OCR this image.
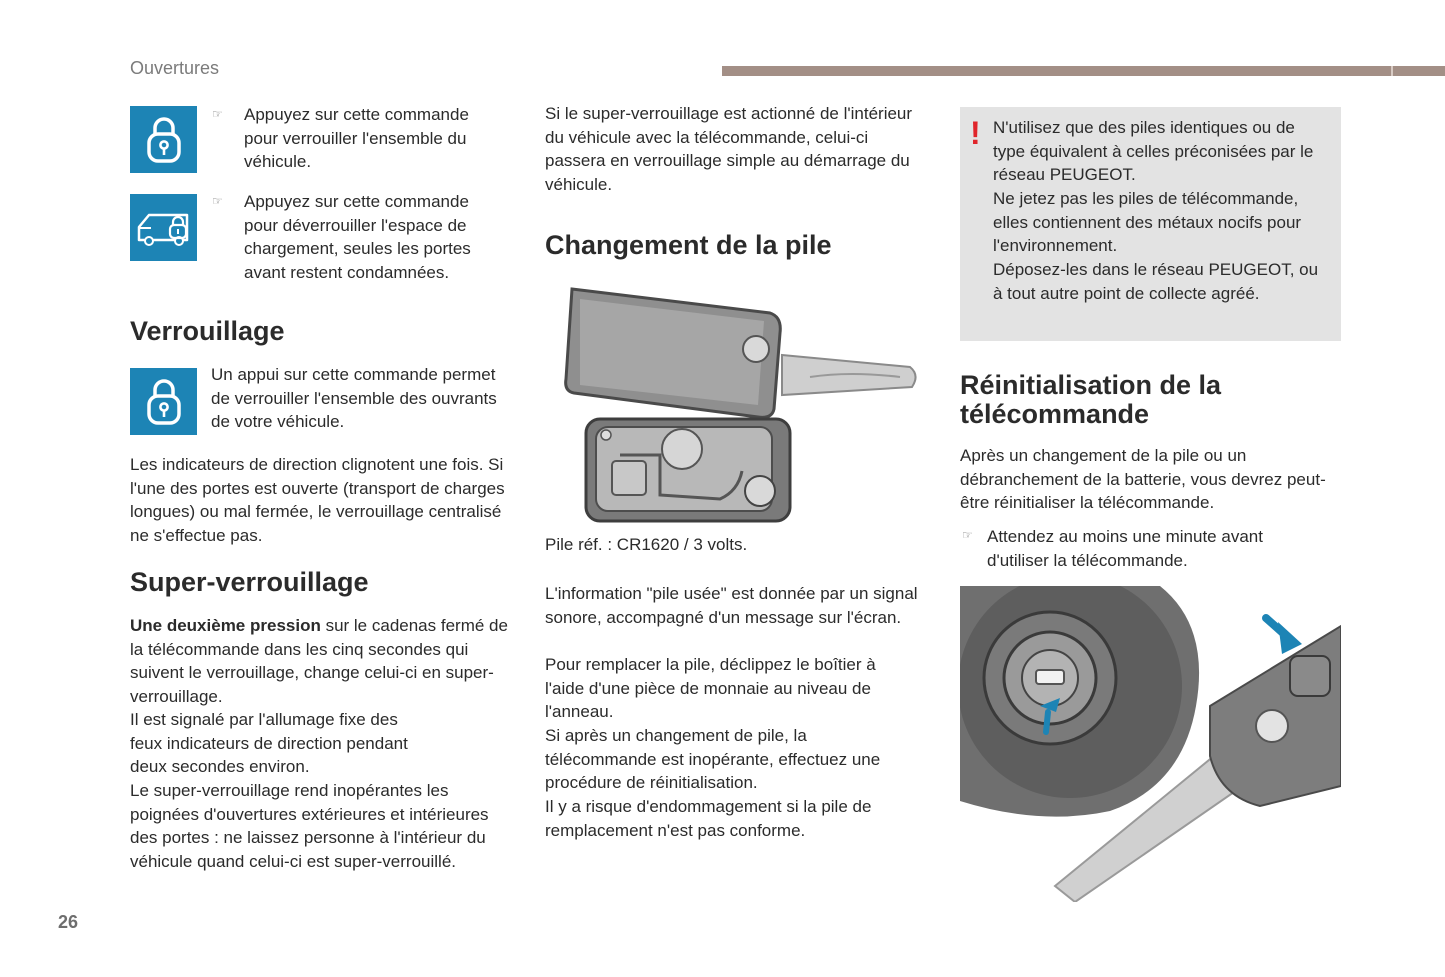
Ouvertures
26
☞ Appuyez sur cette commande pour verrouiller l'ensemble du véhicule.
☞ Appuyez sur cette commande pour déverrouiller l'espace de chargement, seules les portes avant restent condamnées.
Verrouillage
Un appui sur cette commande permet de verrouiller l'ensemble des ouvrants de votre véhicule.
Les indicateurs de direction clignotent une fois. Si l'une des portes est ouverte (transport de charges longues) ou mal fermée, le verrouillage centralisé ne s'effectue pas.
Super-verrouillage
Une deuxième pression sur le cadenas fermé de la télécommande dans les cinq secondes qui suivent le verrouillage, change celui-ci en super-verrouillage.
Il est signalé par l'allumage fixe des feux indicateurs de direction pendant deux secondes environ.
Le super-verrouillage rend inopérantes les poignées d'ouvertures extérieures et intérieures des portes : ne laissez personne à l'intérieur du véhicule quand celui-ci est super-verrouillé.
Si le super-verrouillage est actionné de l'intérieur du véhicule avec la télécommande, celui-ci passera en verrouillage simple au démarrage du véhicule.
Changement de la pile
Pile réf. : CR1620 / 3 volts.
L'information "pile usée" est donnée par un signal sonore, accompagné d'un message sur l'écran.
Pour remplacer la pile, déclippez le boîtier à l'aide d'une pièce de monnaie au niveau de l'anneau.
Si après un changement de pile, la télécommande est inopérante, effectuez une procédure de réinitialisation.
Il y a risque d'endommagement si la pile de remplacement n'est pas conforme.
! N'utilisez que des piles identiques ou de type équivalent à celles préconisées par le réseau PEUGEOT.
Ne jetez pas les piles de télécommande, elles contiennent des métaux nocifs pour l'environnement.
Déposez-les dans le réseau PEUGEOT, ou à tout autre point de collecte agréé.
Réinitialisation de la télécommande
Après un changement de la pile ou un débranchement de la batterie, vous devrez peut-être réinitialiser la télécommande.
☞ Attendez au moins une minute avant d'utiliser la télécommande.
